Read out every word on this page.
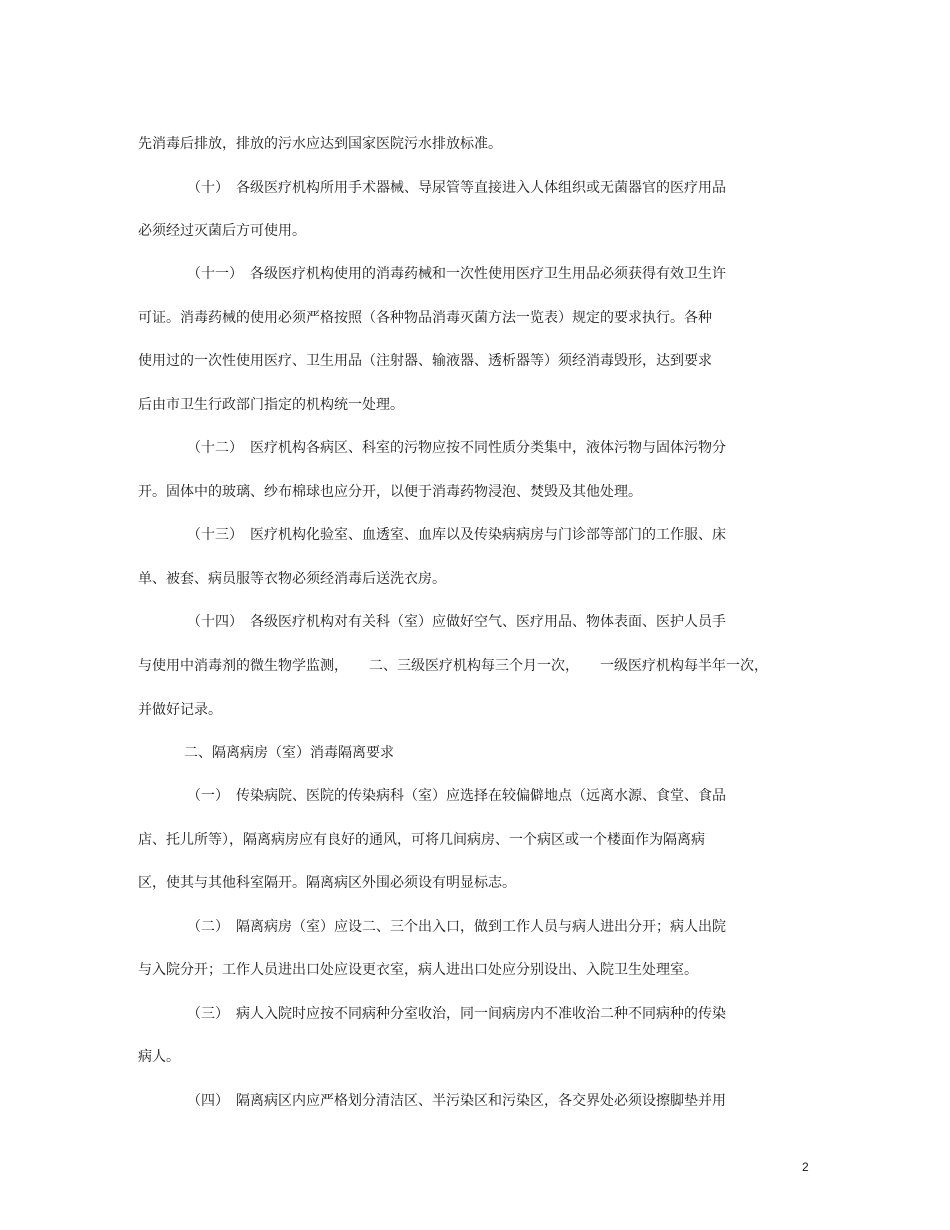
先消毒后排放，排放的污水应达到国家医院污水排放标准。
（十）　各级医疗机构所用手术器械、导尿管等直接进入人体组织或无菌器官的医疗用品
必须经过灭菌后方可使用。
（十一）　各级医疗机构使用的消毒药械和一次性使用医疗卫生用品必须获得有效卫生许
可证。消毒药械的使用必须严格按照（各种物品消毒灭菌方法一览表）规定的要求执行。各种
使用过的一次性使用医疗、卫生用品（注射器、输液器、透析器等）须经消毒毁形，达到要求
后由市卫生行政部门指定的机构统一处理。
（十二）　医疗机构各病区、科室的污物应按不同性质分类集中，液体污物与固体污物分
开。固体中的玻璃、纱布棉球也应分开，以便于消毒药物浸泡、焚毁及其他处理。
（十三）　医疗机构化验室、血透室、血库以及传染病病房与门诊部等部门的工作服、床
单、被套、病员服等衣物必须经消毒后送洗衣房。
（十四）　各级医疗机构对有关科（室）应做好空气、医疗用品、物体表面、医护人员手
与使用中消毒剂的微生物学监测，　　二、三级医疗机构每三个月一次，　　一级医疗机构每半年一次，
并做好记录。
二、隔离病房（室）消毒隔离要求
（一）　传染病院、医院的传染病科（室）应选择在较偏僻地点（远离水源、食堂、食品
店、托儿所等），隔离病房应有良好的通风，可将几间病房、一个病区或一个楼面作为隔离病
区，使其与其他科室隔开。隔离病区外围必须设有明显标志。
（二）　隔离病房（室）应设二、三个出入口，做到工作人员与病人进出分开；病人出院
与入院分开；工作人员进出口处应设更衣室，病人进出口处应分别设出、入院卫生处理室。
（三）　病人入院时应按不同病种分室收治，同一间病房内不准收治二种不同病种的传染
病人。
（四）　隔离病区内应严格划分清洁区、半污染区和污染区，各交界处必须设擦脚垫并用
2
